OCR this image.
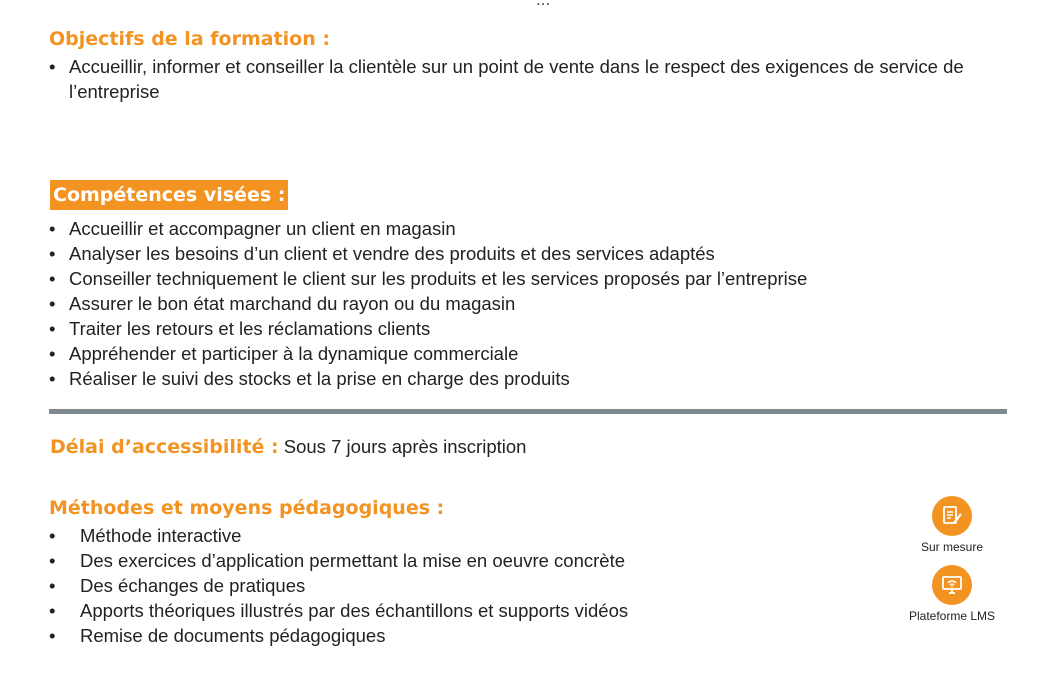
Objectifs de la formation :
• Accueillir, informer et conseiller la clientèle sur un point de vente dans le respect des exigences de service de l’entreprise
Compétences visées :
• Accueillir et accompagner un client en magasin
• Analyser les besoins d’un client et vendre des produits et des services adaptés
• Conseiller techniquement le client sur les produits et les services proposés par l’entreprise
• Assurer le bon état marchand du rayon ou du magasin
• Traiter les retours et les réclamations clients
• Appréhender et participer à la dynamique commerciale
• Réaliser le suivi des stocks et la prise en charge des produits
Délai d’accessibilité : Sous 7 jours après inscription
Méthodes et moyens pédagogiques :
• Méthode interactive
• Des exercices d’application permettant la mise en oeuvre concrète
• Des échanges de pratiques
• Apports théoriques illustrés par des échantillons et supports vidéos
• Remise de documents pédagogiques
Sur mesure
Plateforme LMS
